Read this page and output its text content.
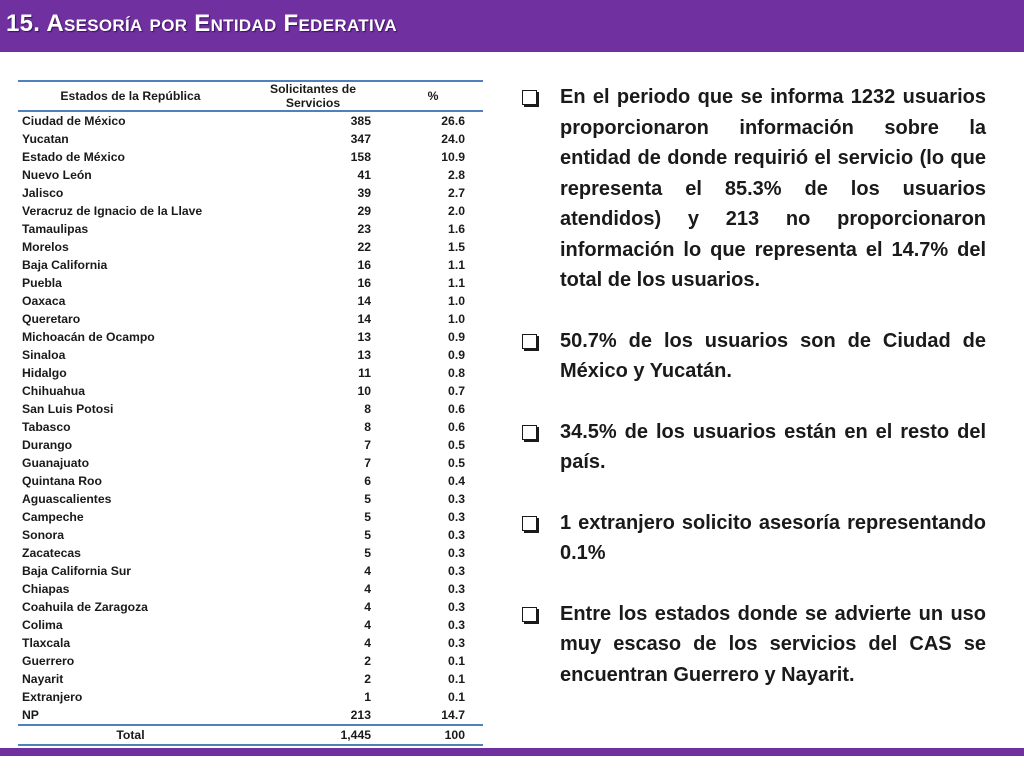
15. Asesoría por Entidad Federativa
Estados de la República	Solicitantes de Servicios	%
Ciudad de México	385	26.6
Yucatan	347	24.0
Estado de México	158	10.9
Nuevo León	41	2.8
Jalisco	39	2.7
Veracruz de Ignacio de la Llave	29	2.0
Tamaulipas	23	1.6
Morelos	22	1.5
Baja California	16	1.1
Puebla	16	1.1
Oaxaca	14	1.0
Queretaro	14	1.0
Michoacán de Ocampo	13	0.9
Sinaloa	13	0.9
Hidalgo	11	0.8
Chihuahua	10	0.7
San Luis Potosi	8	0.6
Tabasco	8	0.6
Durango	7	0.5
Guanajuato	7	0.5
Quintana Roo	6	0.4
Aguascalientes	5	0.3
Campeche	5	0.3
Sonora	5	0.3
Zacatecas	5	0.3
Baja California Sur	4	0.3
Chiapas	4	0.3
Coahuila de Zaragoza	4	0.3
Colima	4	0.3
Tlaxcala	4	0.3
Guerrero	2	0.1
Nayarit	2	0.1
Extranjero	1	0.1
NP	213	14.7
Total	1,445	100
En el periodo que se informa 1232 usuarios proporcionaron información sobre la entidad de donde requirió el servicio (lo que representa el 85.3% de los usuarios atendidos) y 213 no proporcionaron información lo que representa el 14.7% del total de los usuarios.
50.7% de los usuarios son de Ciudad de México y Yucatán.
34.5% de los usuarios están en el resto del país.
1 extranjero solicito asesoría representando 0.1%
Entre los estados donde se advierte un uso muy escaso de los servicios del CAS se encuentran Guerrero y Nayarit.
